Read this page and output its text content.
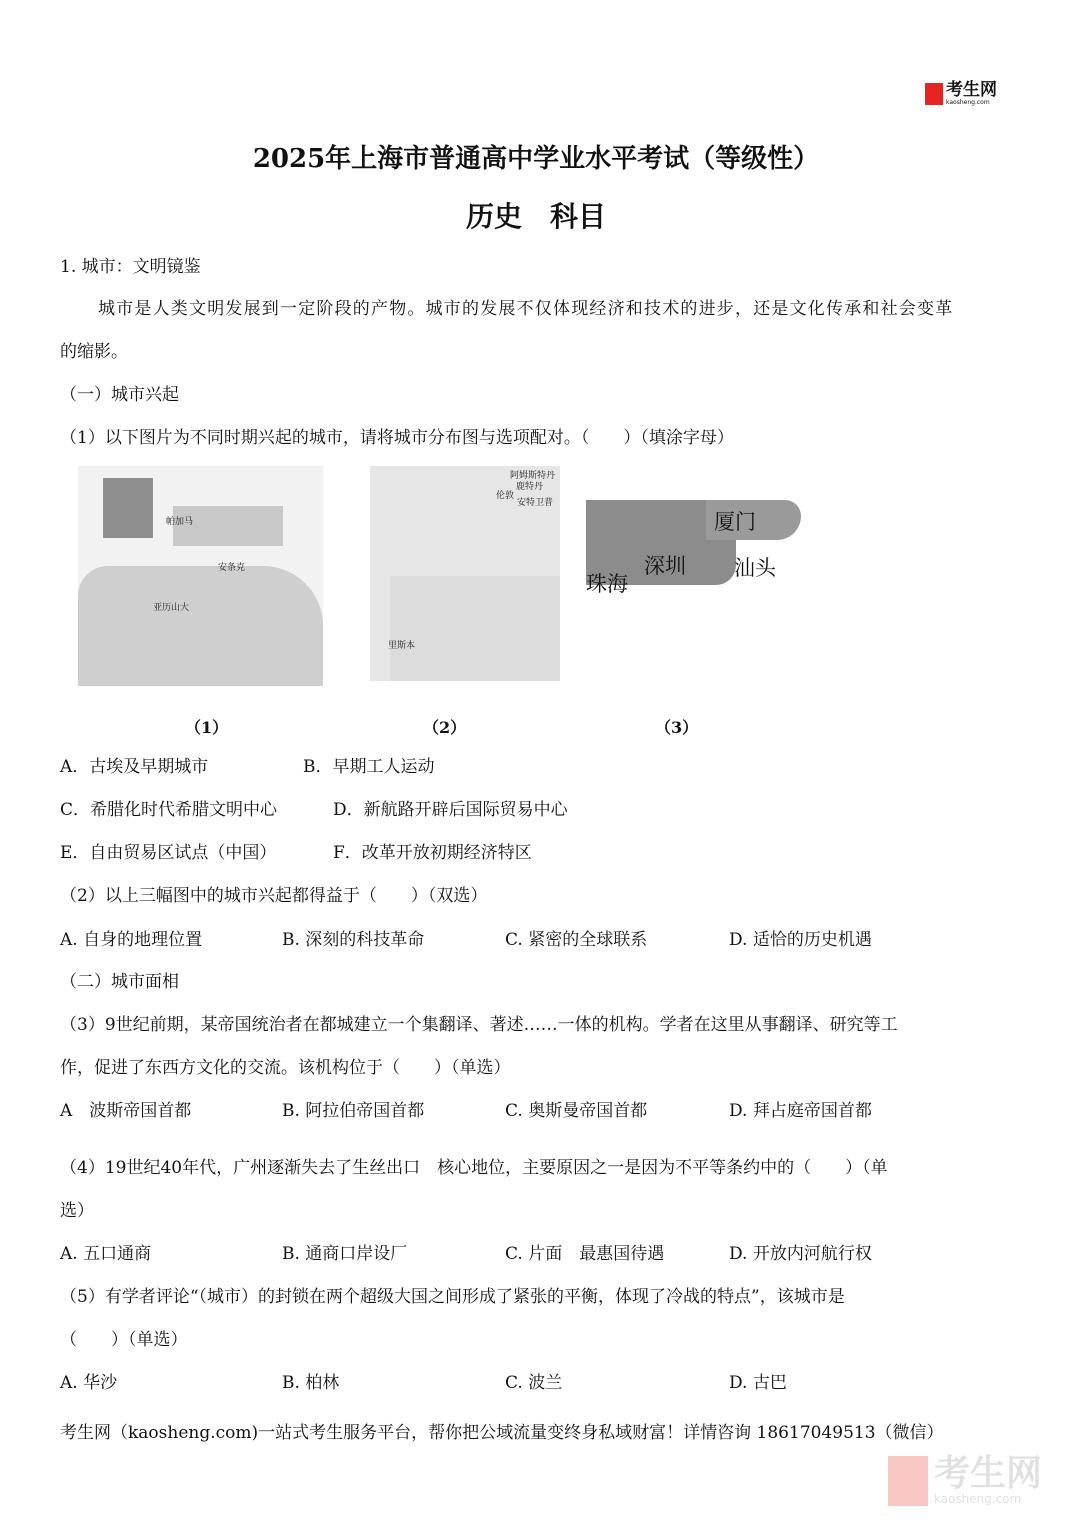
考生网
kaosheng.com
2025年上海市普通高中学业水平考试（等级性）
历史　科目
1. 城市：文明镜鉴
城市是人类文明发展到一定阶段的产物。城市的发展不仅体现经济和技术的进步，还是文化传承和社会变革
的缩影。
（一）城市兴起
（1）以下图片为不同时期兴起的城市，请将城市分布图与选项配对。（　　）（填涂字母）
帕加马
安条克
亚历山大
阿姆斯特丹
鹿特丹
伦敦
安特卫普
里斯本
厦门
深圳 汕头
珠海
（1）	（2）	（3）
A．古埃及早期城市	B．早期工人运动
C．希腊化时代希腊文明中心	D．新航路开辟后国际贸易中心
E．自由贸易区试点（中国）	F．改革开放初期经济特区
（2）以上三幅图中的城市兴起都得益于（　　）（双选）
A. 自身的地理位置	B. 深刻的科技革命	C. 紧密的全球联系	D. 适恰的历史机遇
（二）城市面相
（3）9世纪前期，某帝国统治者在都城建立一个集翻译、著述……一体的机构。学者在这里从事翻译、研究等工
作，促进了东西方文化的交流。该机构位于（　　）（单选）
A　波斯帝国首都	B. 阿拉伯帝国首都	C. 奥斯曼帝国首都	D. 拜占庭帝国首都
（4）19世纪40年代，广州逐渐失去了生丝出口　核心地位，主要原因之一是因为不平等条约中的（　　）（单
选）
A. 五口通商	B. 通商口岸设厂	C. 片面　最惠国待遇	D. 开放内河航行权
（5）有学者评论“（城市）的封锁在两个超级大国之间形成了紧张的平衡，体现了冷战的特点”，该城市是
（　　）（单选）
A. 华沙	B. 柏林	C. 波兰	D. 古巴
考生网（kaosheng.com)一站式考生服务平台，帮你把公域流量变终身私域财富！详情咨询 18617049513（微信）
考生网
kaosheng.com
